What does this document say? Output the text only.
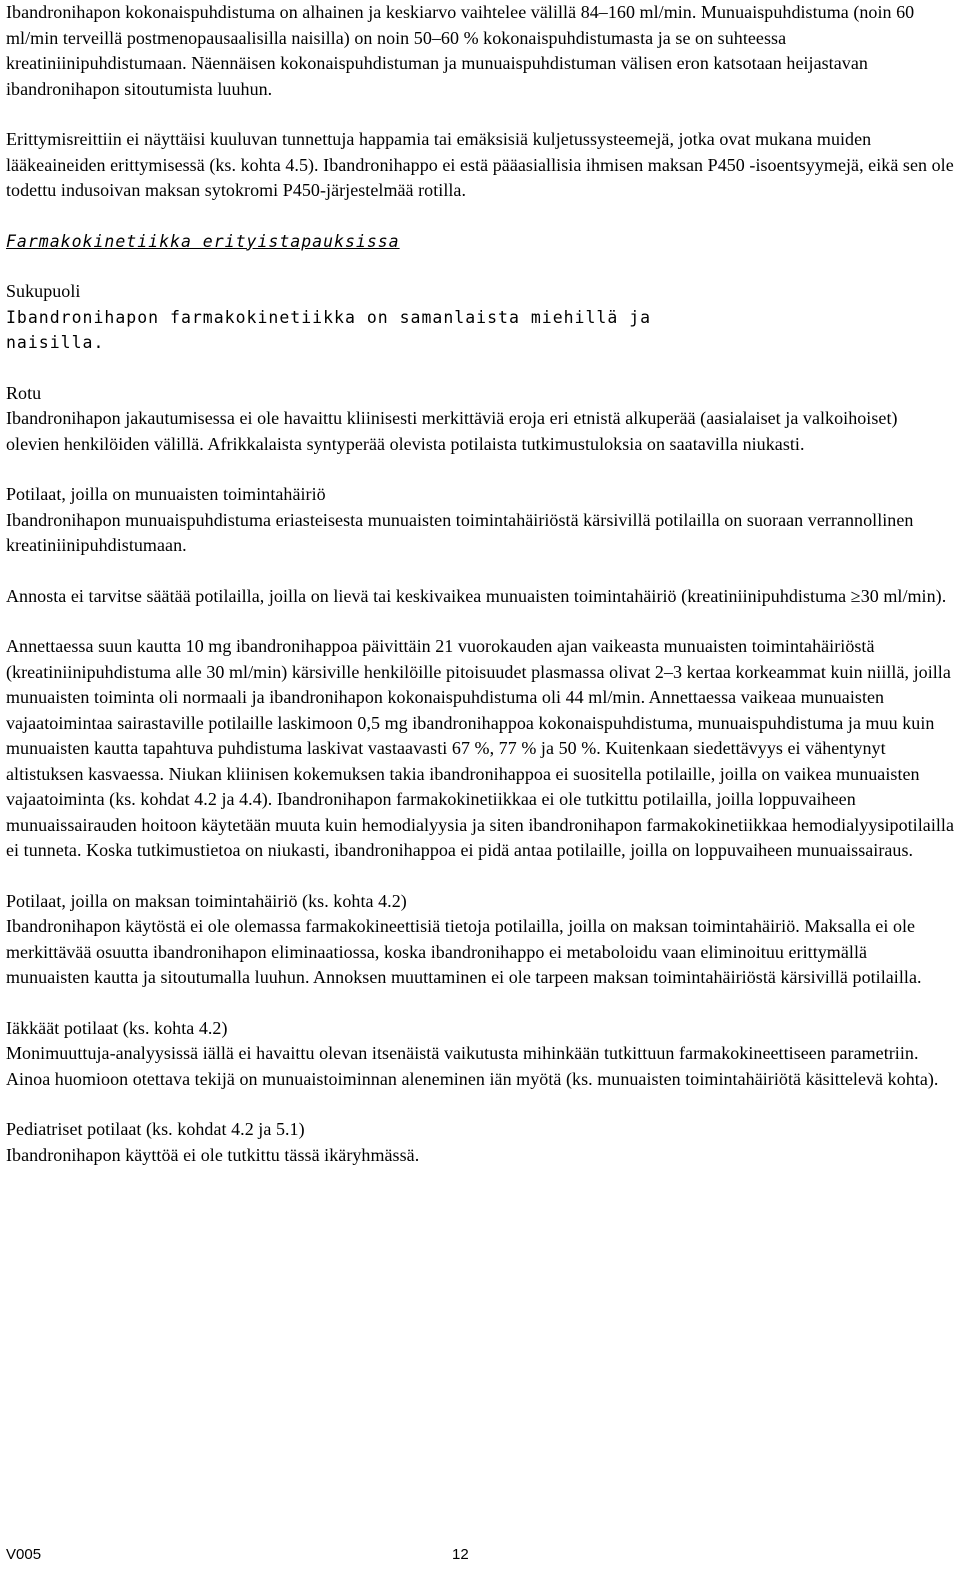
Ibandronihapon kokonaispuhdistuma on alhainen ja keskiarvo vaihtelee välillä 84–160 ml/min. Munuaispuhdistuma (noin 60 ml/min terveillä postmenopausaalisilla naisilla) on noin 50–60 % kokonaispuhdistumasta ja se on suhteessa kreatiniinipuhdistumaan. Näennäisen kokonaispuhdistuman ja munuaispuhdistuman välisen eron katsotaan heijastavan ibandronihapon sitoutumista luuhun.

Erittymisreittiin ei näyttäisi kuuluvan tunnettuja happamia tai emäksisiä kuljetussysteemejä, jotka ovat mukana muiden lääkeaineiden erittymisessä (ks. kohta 4.5). Ibandronihappo ei estä pääasiallisia ihmisen maksan P450 -isoentsyymejä, eikä sen ole todettu indusoivan maksan sytokromi P450-järjestelmää rotilla.

Farmakokinetiikka erityistapauksissa

Sukupuoli

Ibandronihapon farmakokinetiikka on samanlaista miehillä ja naisilla.

Rotu

Ibandronihapon jakautumisessa ei ole havaittu kliinisesti merkittäviä eroja eri etnistä alkuperää (aasialaiset ja valkoihoiset) olevien henkilöiden välillä. Afrikkalaista syntyperää olevista potilaista tutkimustuloksia on saatavilla niukasti.

Potilaat, joilla on munuaisten toimintahäiriö

Ibandronihapon munuaispuhdistuma eriasteisesta munuaisten toimintahäiriöstä kärsivillä potilailla on suoraan verrannollinen kreatiniinipuhdistumaan.

Annosta ei tarvitse säätää potilailla, joilla on lievä tai keskivaikea munuaisten toimintahäiriö (kreatiniinipuhdistuma ≥30 ml/min).

Annettaessa suun kautta 10 mg ibandronihappoa päivittäin 21 vuorokauden ajan vaikeasta munuaisten toimintahäiriöstä (kreatiniinipuhdistuma alle 30 ml/min) kärsiville henkilöille pitoisuudet plasmassa olivat 2–3 kertaa korkeammat kuin niillä, joilla munuaisten toiminta oli normaali ja ibandronihapon kokonaispuhdistuma oli 44 ml/min. Annettaessa vaikeaa munuaisten vajaatoimintaa sairastaville potilaille laskimoon 0,5 mg ibandronihappoa kokonaispuhdistuma, munuaispuhdistuma ja muu kuin munuaisten kautta tapahtuva puhdistuma laskivat vastaavasti 67 %, 77 % ja 50 %. Kuitenkaan siedettävyys ei vähentynyt altistuksen kasvaessa. Niukan kliinisen kokemuksen takia ibandronihappoa ei suositella potilaille, joilla on vaikea munuaisten vajaatoiminta (ks. kohdat 4.2 ja 4.4). Ibandronihapon farmakokinetiikkaa ei ole tutkittu potilailla, joilla loppuvaiheen munuaissairauden hoitoon käytetään muuta kuin hemodialyysia ja siten ibandronihapon farmakokinetiikkaa hemodialyysipotilailla ei tunneta. Koska tutkimustietoa on niukasti, ibandronihappoa ei pidä antaa potilaille, joilla on loppuvaiheen munuaissairaus.

Potilaat, joilla on maksan toimintahäiriö (ks. kohta 4.2)

Ibandronihapon käytöstä ei ole olemassa farmakokineettisiä tietoja potilailla, joilla on maksan toimintahäiriö. Maksalla ei ole merkittävää osuutta ibandronihapon eliminaatiossa, koska ibandronihappo ei metaboloidu vaan eliminoituu erittymällä munuaisten kautta ja sitoutumalla luuhun. Annoksen muuttaminen ei ole tarpeen maksan toimintahäiriöstä kärsivillä potilailla.

Iäkkäät potilaat (ks. kohta 4.2)

Monimuuttuja-analyysissä iällä ei havaittu olevan itsenäistä vaikutusta mihinkään tutkittuun farmakokineettiseen parametriin. Ainoa huomioon otettava tekijä on munuaistoiminnan aleneminen iän myötä (ks. munuaisten toimintahäiriötä käsittelevä kohta).

Pediatriset potilaat (ks. kohdat 4.2 ja 5.1)

Ibandronihapon käyttöä ei ole tutkittu tässä ikäryhmässä.

V005	12
